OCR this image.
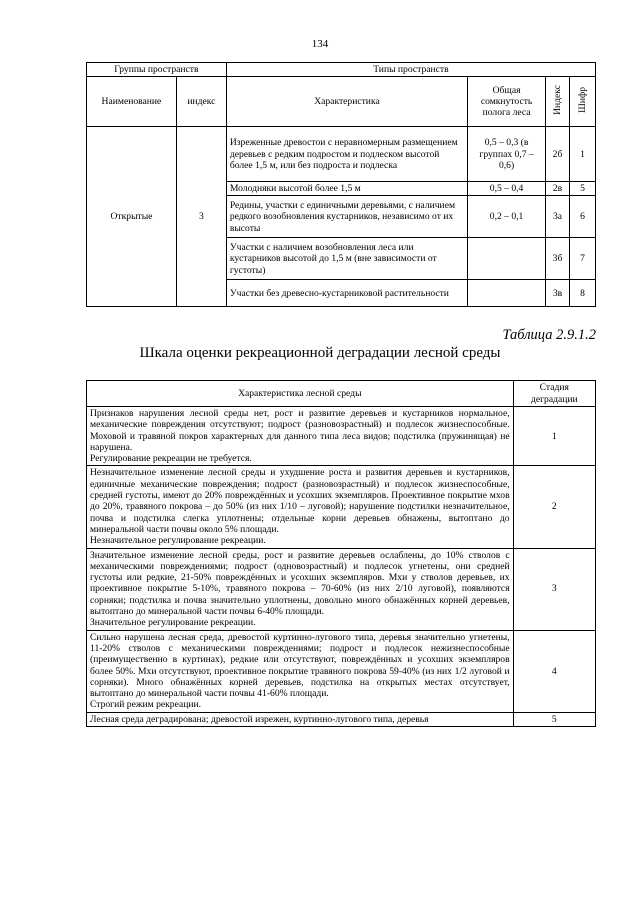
134
Группы пространств		Типы пространств			
Наименование	индекс	Характеристика	Общая сомкнутость полога леса	Индекс	Шифр
Открытые	3	Изреженные древостои с неравномерным размещением деревьев с редким подростом и подлеском высотой более 1,5 м, или без подроста и подлеска	0,5 – 0,3 (в группах 0,7 – 0,6)	2б	1
		Молодняки высотой более 1,5 м	0,5 – 0,4	2в	5
		Редины, участки с единичными деревьями, с наличием редкого возобновления кустарников, независимо от их высоты	0,2 – 0,1	3а	6
		Участки с наличием возобновления леса или кустарников высотой до 1,5 м (вне зависимости от густоты)		3б	7
		Участки без древесно-кустарниковой растительности		3в	8
Таблица 2.9.1.2
Шкала оценки рекреационной деградации лесной среды
Характеристика лесной среды	Стадия деградации
Признаков нарушения лесной среды нет, рост и развитие деревьев и кустарников нормальное, механические повреждения отсутствуют; подрост (разновозрастный) и подлесок жизнеспособные. Моховой и травяной покров характерных для данного типа леса видов; подстилка (пружинящая) не нарушена.
Регулирование рекреации не требуется.	1
Незначительное изменение лесной среды и ухудшение роста и развития деревьев и кустарников, единичные механические повреждения; подрост (разновозрастный) и подлесок жизнеспособные, средней густоты, имеют до 20% повреждённых и усохших экземпляров. Проективное покрытие мхов до 20%, травяного покрова – до 50% (из них 1/10 – луговой); нарушение подстилки незначительное, почва и подстилка слегка уплотнены; отдельные корни деревьев обнажены, вытоптано до минеральной части почвы около 5% площади.
Незначительное регулирование рекреации.	2
Значительное изменение лесной среды, рост и развитие деревьев ослаблены, до 10% стволов с механическими повреждениями; подрост (одновозрастный) и подлесок угнетены, они средней густоты или редкие, 21-50% повреждённых и усохших экземпляров. Мхи у стволов деревьев, их проективное покрытие 5-10%, травяного покрова – 70-60% (из них 2/10 луговой), появляются сорняки; подстилка и почва значительно уплотнены, довольно много обнажённых корней деревьев, вытоптано до минеральной части почвы 6-40% площади.
Значительное регулирование рекреации.	3
Сильно нарушена лесная среда, древостой куртинно-лугового типа, деревья значительно угнетены, 11-20% стволов с механическими повреждениями; подрост и подлесок нежизнеспособные (преимущественно в куртинах), редкие или отсутствуют, повреждённых и усохших экземпляров более 50%. Мхи отсутствуют, проективное покрытие травяного покрова 59-40% (из них 1/2 луговой и сорняки). Много обнажённых корней деревьев, подстилка на открытых местах отсутствует, вытоптано до минеральной части почвы 41-60% площади.
Строгий режим рекреации.	4
Лесная среда деградирована; древостой изрежен, куртинно-лугового типа, деревья	5
